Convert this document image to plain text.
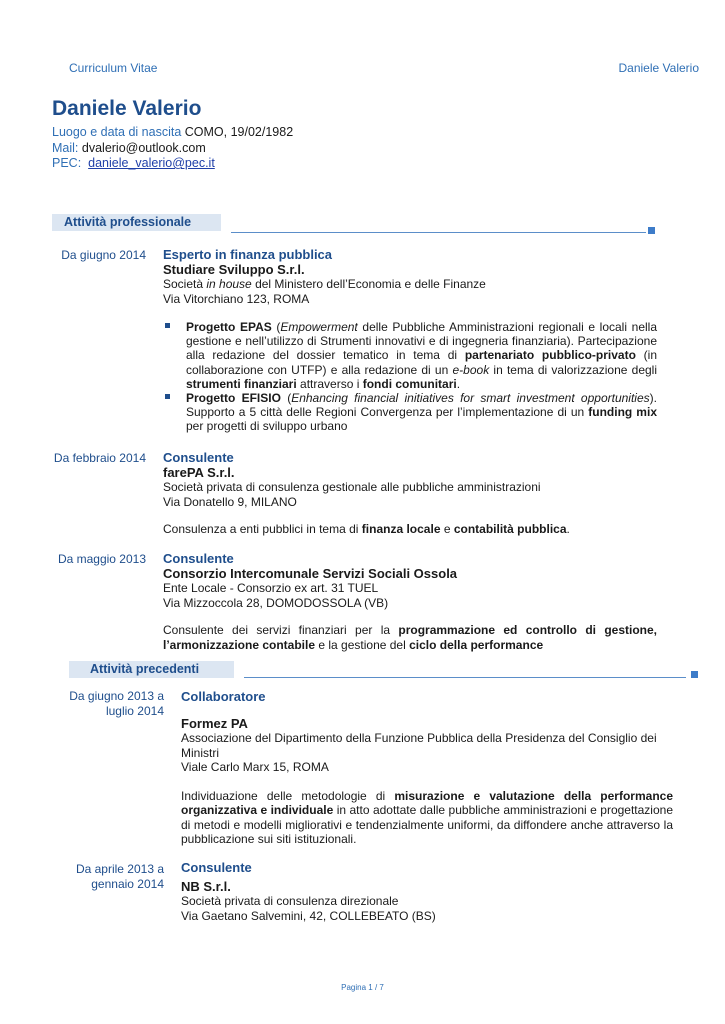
Curriculum Vitae	Daniele Valerio
Daniele Valerio
Luogo e data di nascita COMO, 19/02/1982
Mail: dvalerio@outlook.com
PEC: daniele_valerio@pec.it
Attività professionale
Da giugno 2014 Esperto in finanza pubblica
Studiare Sviluppo S.r.l.
Società in house del Ministero dell’Economia e delle Finanze
Via Vitorchiano 123, ROMA
Progetto EPAS (Empowerment delle Pubbliche Amministrazioni regionali e locali nella gestione e nell’utilizzo di Strumenti innovativi e di ingegneria finanziaria). Partecipazione alla redazione del dossier tematico in tema di partenariato pubblico-privato (in collaborazione con UTFP) e alla redazione di un e-book in tema di valorizzazione degli strumenti finanziari attraverso i fondi comunitari.
Progetto EFISIO (Enhancing financial initiatives for smart investment opportunities). Supporto a 5 città delle Regioni Convergenza per l’implementazione di un funding mix per progetti di sviluppo urbano
Da febbraio 2014 Consulente
farePA S.r.l.
Società privata di consulenza gestionale alle pubbliche amministrazioni
Via Donatello 9, MILANO
Consulenza a enti pubblici in tema di finanza locale e contabilità pubblica.
Da maggio 2013 Consulente
Consorzio Intercomunale Servizi Sociali Ossola
Ente Locale - Consorzio ex art. 31 TUEL
Via Mizzoccola 28, DOMODOSSOLA (VB)
Consulente dei servizi finanziari per la programmazione ed controllo di gestione, l’armonizzazione contabile e la gestione del ciclo della performance
Attività precedenti
Da giugno 2013 a
luglio 2014
Collaboratore
Formez PA
Associazione del Dipartimento della Funzione Pubblica della Presidenza del Consiglio dei Ministri
Viale Carlo Marx 15, ROMA
Individuazione delle metodologie di misurazione e valutazione della performance organizzativa e individuale in atto adottate dalle pubbliche amministrazioni e progettazione di metodi e modelli migliorativi e tendenzialmente uniformi, da diffondere anche attraverso la pubblicazione sui siti istituzionali.
Da aprile 2013 a
gennaio 2014
Consulente
NB S.r.l.
Società privata di consulenza direzionale
Via Gaetano Salvemini, 42, COLLEBEATO (BS)
Pagina 1 / 7
